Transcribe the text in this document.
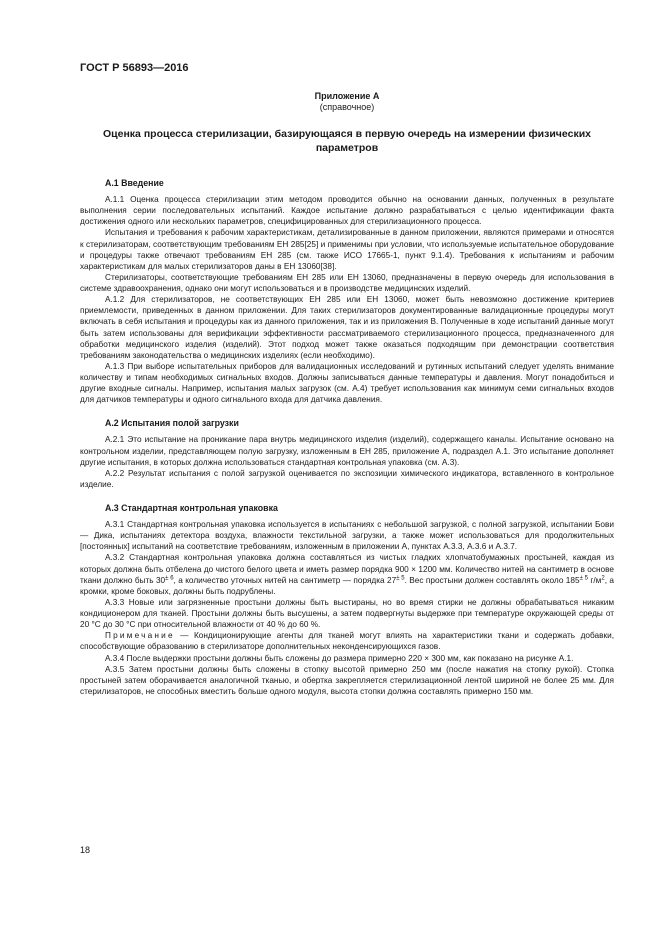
ГОСТ Р 56893—2016
Приложение А
(справочное)
Оценка процесса стерилизации, базирующаяся в первую очередь на измерении физических параметров
А.1 Введение

А.1.1 Оценка процесса стерилизации этим методом проводится обычно на основании данных, полученных в результате выполнения серии последовательных испытаний. Каждое испытание должно разрабатываться с целью идентификации факта достижения одного или нескольких параметров, специфицированных для стерилизационного процесса.

Испытания и требования к рабочим характеристикам, детализированные в данном приложении, являются примерами и относятся к стерилизаторам, соответствующим требованиям ЕН 285[25] и применимы при условии, что используемые испытательное оборудование и процедуры также отвечают требованиям ЕН 285 (см. также ИСО 17665-1, пункт 9.1.4). Требования к испытаниям и рабочим характеристикам для малых стерилизаторов даны в ЕН 13060[38].

Стерилизаторы, соответствующие требованиям ЕН 285 или ЕН 13060, предназначены в первую очередь для использования в системе здравоохранения, однако они могут использоваться и в производстве медицинских изделий.

А.1.2 Для стерилизаторов, не соответствующих ЕН 285 или ЕН 13060, может быть невозможно достижение критериев приемлемости, приведенных в данном приложении. Для таких стерилизаторов документированные валидационные процедуры могут включать в себя испытания и процедуры как из данного приложения, так и из приложения В. Полученные в ходе испытаний данные могут быть затем использованы для верификации эффективности рассматриваемого стерилизационного процесса, предназначенного для обработки медицинского изделия (изделий). Этот подход может также оказаться подходящим при демонстрации соответствия требованиям законодательства о медицинских изделиях (если необходимо).

А.1.3 При выборе испытательных приборов для валидационных исследований и рутинных испытаний следует уделять внимание количеству и типам необходимых сигнальных входов. Должны записываться данные температуры и давления. Могут понадобиться и другие входные сигналы. Например, испытания малых загрузок (см. А.4) требует использования как минимум семи сигнальных входов для датчиков температуры и одного сигнального входа для датчика давления.

А.2 Испытания полой загрузки

А.2.1 Это испытание на проникание пара внутрь медицинского изделия (изделий), содержащего каналы. Испытание основано на контрольном изделии, представляющем полую загрузку, изложенным в ЕН 285, приложение А, подраздел А.1. Это испытание дополняет другие испытания, в которых должна использоваться стандартная контрольная упаковка (см. А.3).

А.2.2 Результат испытания с полой загрузкой оценивается по экспозиции химического индикатора, вставленного в контрольное изделие.

А.3 Стандартная контрольная упаковка

А.3.1 Стандартная контрольная упаковка используется в испытаниях с небольшой загрузкой, с полной загрузкой, испытании Бови — Дика, испытаниях детектора воздуха, влажности текстильной загрузки, а также может использоваться для продолжительных [постоянных] испытаний на соответствие требованиям, изложенным в приложении А, пунктах А.3.3, А.3.6 и А.3.7.

А.3.2 Стандартная контрольная упаковка должна составляться из чистых гладких хлопчатобумажных простыней, каждая из которых должна быть отбелена до чистого белого цвета и иметь размер порядка 900 × 1200 мм. Количество нитей на сантиметр в основе ткани должно быть $30^{\pm 6}$, а количество уточных нитей на сантиметр — порядка $27^{\pm 5}$. Вес простыни должен составлять около $185^{\pm 5}$ $г/м^2$, а кромки, кроме боковых, должны быть подрублены.

А.3.3 Новые или загрязненные простыни должны быть выстираны, но во время стирки не должны обрабатываться никаким кондиционером для тканей. Простыни должны быть высушены, а затем подвергнуты выдержке при температуре окружающей среды от 20 °С до 30 °С при относительной влажности от 40 % до 60 %.

Примечание — Кондиционирующие агенты для тканей могут влиять на характеристики ткани и содержать добавки, способствующие образованию в стерилизаторе дополнительных неконденсирующихся газов.

А.3.4 После выдержки простыни должны быть сложены до размера примерно 220 × 300 мм, как показано на рисунке А.1.

А.3.5 Затем простыни должны быть сложены в стопку высотой примерно 250 мм (после нажатия на стопку рукой). Стопка простыней затем оборачивается аналогичной тканью, и обертка закрепляется стерилизационной лентой шириной не более 25 мм. Для стерилизаторов, не способных вместить больше одного модуля, высота стопки должна составлять примерно 150 мм.

18
